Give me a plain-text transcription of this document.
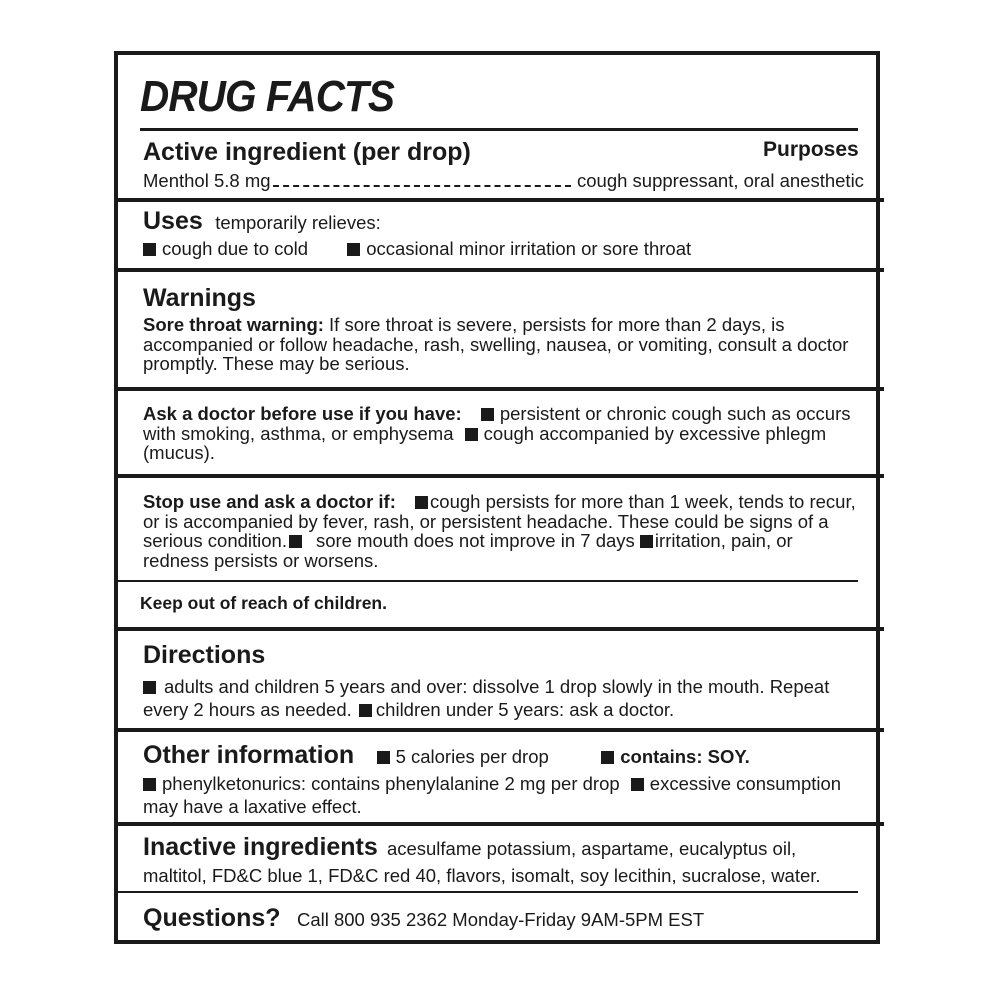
DRUG FACTS
Active ingredient (per drop)	Purposes
Menthol 5.8 mg	cough suppressant, oral anesthetic
Uses temporarily relieves:
cough due to cold	occasional minor irritation or sore throat
Warnings
Sore throat warning: If sore throat is severe, persists for more than 2 days, is accompanied or follow headache, rash, swelling, nausea, or vomiting, consult a doctor promptly. These may be serious.
Ask a doctor before use if you have: persistent or chronic cough such as occurs with smoking, asthma, or emphysema cough accompanied by excessive phlegm (mucus).
Stop use and ask a doctor if: cough persists for more than 1 week, tends to recur, or is accompanied by fever, rash, or persistent headache. These could be signs of a serious condition. sore mouth does not improve in 7 days irritation, pain, or redness persists or worsens.
Keep out of reach of children.
Directions
adults and children 5 years and over: dissolve 1 drop slowly in the mouth. Repeat every 2 hours as needed. children under 5 years: ask a doctor.
Other information 5 calories per drop	contains: SOY.
phenylketonurics: contains phenylalanine 2 mg per drop excessive consumption may have a laxative effect.
Inactive ingredients acesulfame potassium, aspartame, eucalyptus oil, maltitol, FD&C blue 1, FD&C red 40, flavors, isomalt, soy lecithin, sucralose, water.
Questions? Call 800 935 2362 Monday-Friday 9AM-5PM EST
